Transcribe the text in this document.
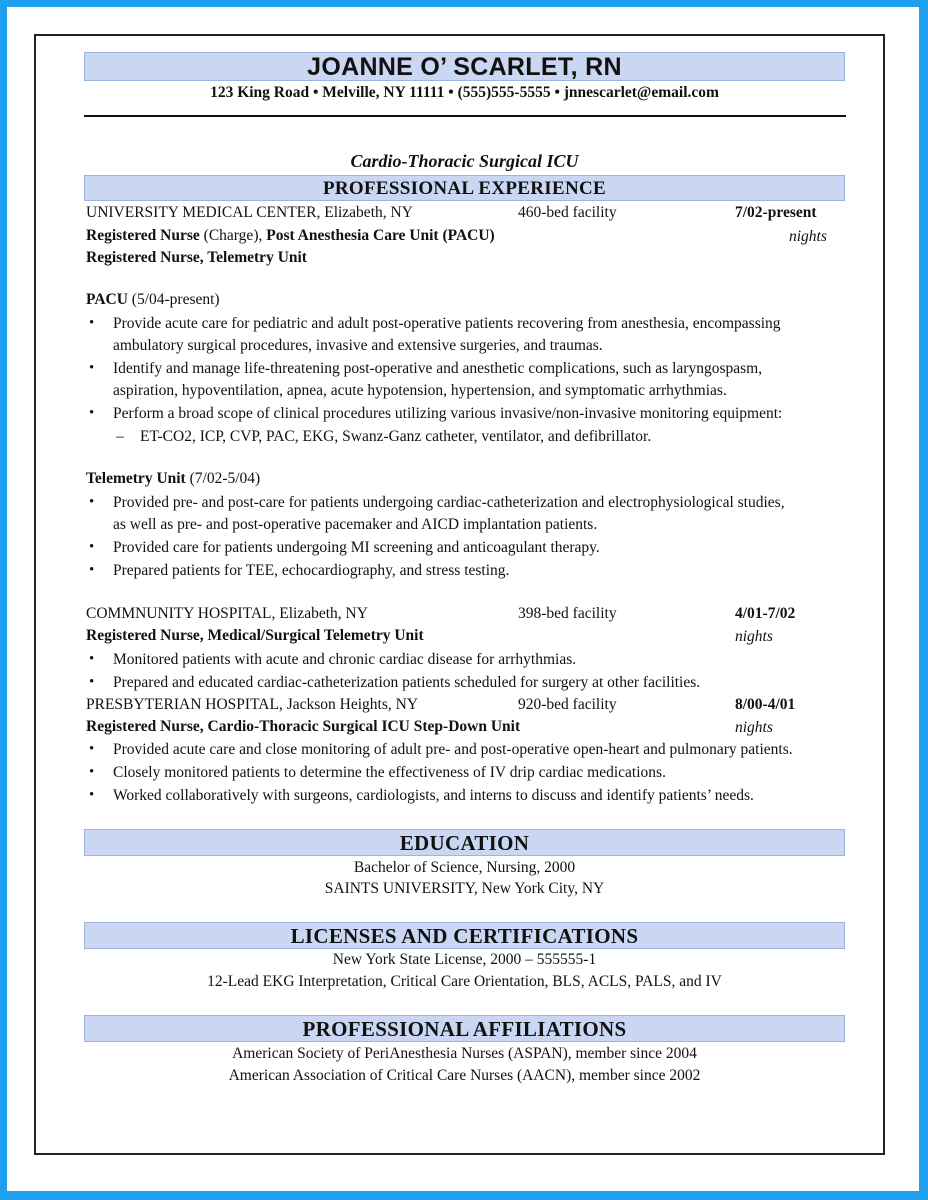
JOANNE O’ SCARLET, RN
123 King Road • Melville, NY 11111 • (555)555-5555 • jnnescarlet@email.com
Cardio-Thoracic Surgical ICU
PROFESSIONAL EXPERIENCE
UNIVERSITY MEDICAL CENTER, Elizabeth, NY	460-bed facility	7/02-present
Registered Nurse (Charge), Post Anesthesia Care Unit (PACU)	nights
Registered Nurse, Telemetry Unit
PACU (5/04-present)
• Provide acute care for pediatric and adult post-operative patients recovering from anesthesia, encompassing
ambulatory surgical procedures, invasive and extensive surgeries, and traumas.
• Identify and manage life-threatening post-operative and anesthetic complications, such as laryngospasm,
aspiration, hypoventilation, apnea, acute hypotension, hypertension, and symptomatic arrhythmias.
• Perform a broad scope of clinical procedures utilizing various invasive/non-invasive monitoring equipment:
– ET-CO2, ICP, CVP, PAC, EKG, Swanz-Ganz catheter, ventilator, and defibrillator.
Telemetry Unit (7/02-5/04)
• Provided pre- and post-care for patients undergoing cardiac-catheterization and electrophysiological studies,
as well as pre- and post-operative pacemaker and AICD implantation patients.
• Provided care for patients undergoing MI screening and anticoagulant therapy.
• Prepared patients for TEE, echocardiography, and stress testing.
COMMNUNITY HOSPITAL, Elizabeth, NY	398-bed facility	4/01-7/02
Registered Nurse, Medical/Surgical Telemetry Unit	nights
• Monitored patients with acute and chronic cardiac disease for arrhythmias.
• Prepared and educated cardiac-catheterization patients scheduled for surgery at other facilities.
PRESBYTERIAN HOSPITAL, Jackson Heights, NY	920-bed facility	8/00-4/01
Registered Nurse, Cardio-Thoracic Surgical ICU Step-Down Unit	nights
• Provided acute care and close monitoring of adult pre- and post-operative open-heart and pulmonary patients.
• Closely monitored patients to determine the effectiveness of IV drip cardiac medications.
• Worked collaboratively with surgeons, cardiologists, and interns to discuss and identify patients’ needs.
EDUCATION
Bachelor of Science, Nursing, 2000
SAINTS UNIVERSITY, New York City, NY
LICENSES AND CERTIFICATIONS
New York State License, 2000 – 555555-1
12-Lead EKG Interpretation, Critical Care Orientation, BLS, ACLS, PALS, and IV
PROFESSIONAL AFFILIATIONS
American Society of PeriAnesthesia Nurses (ASPAN), member since 2004
American Association of Critical Care Nurses (AACN), member since 2002
